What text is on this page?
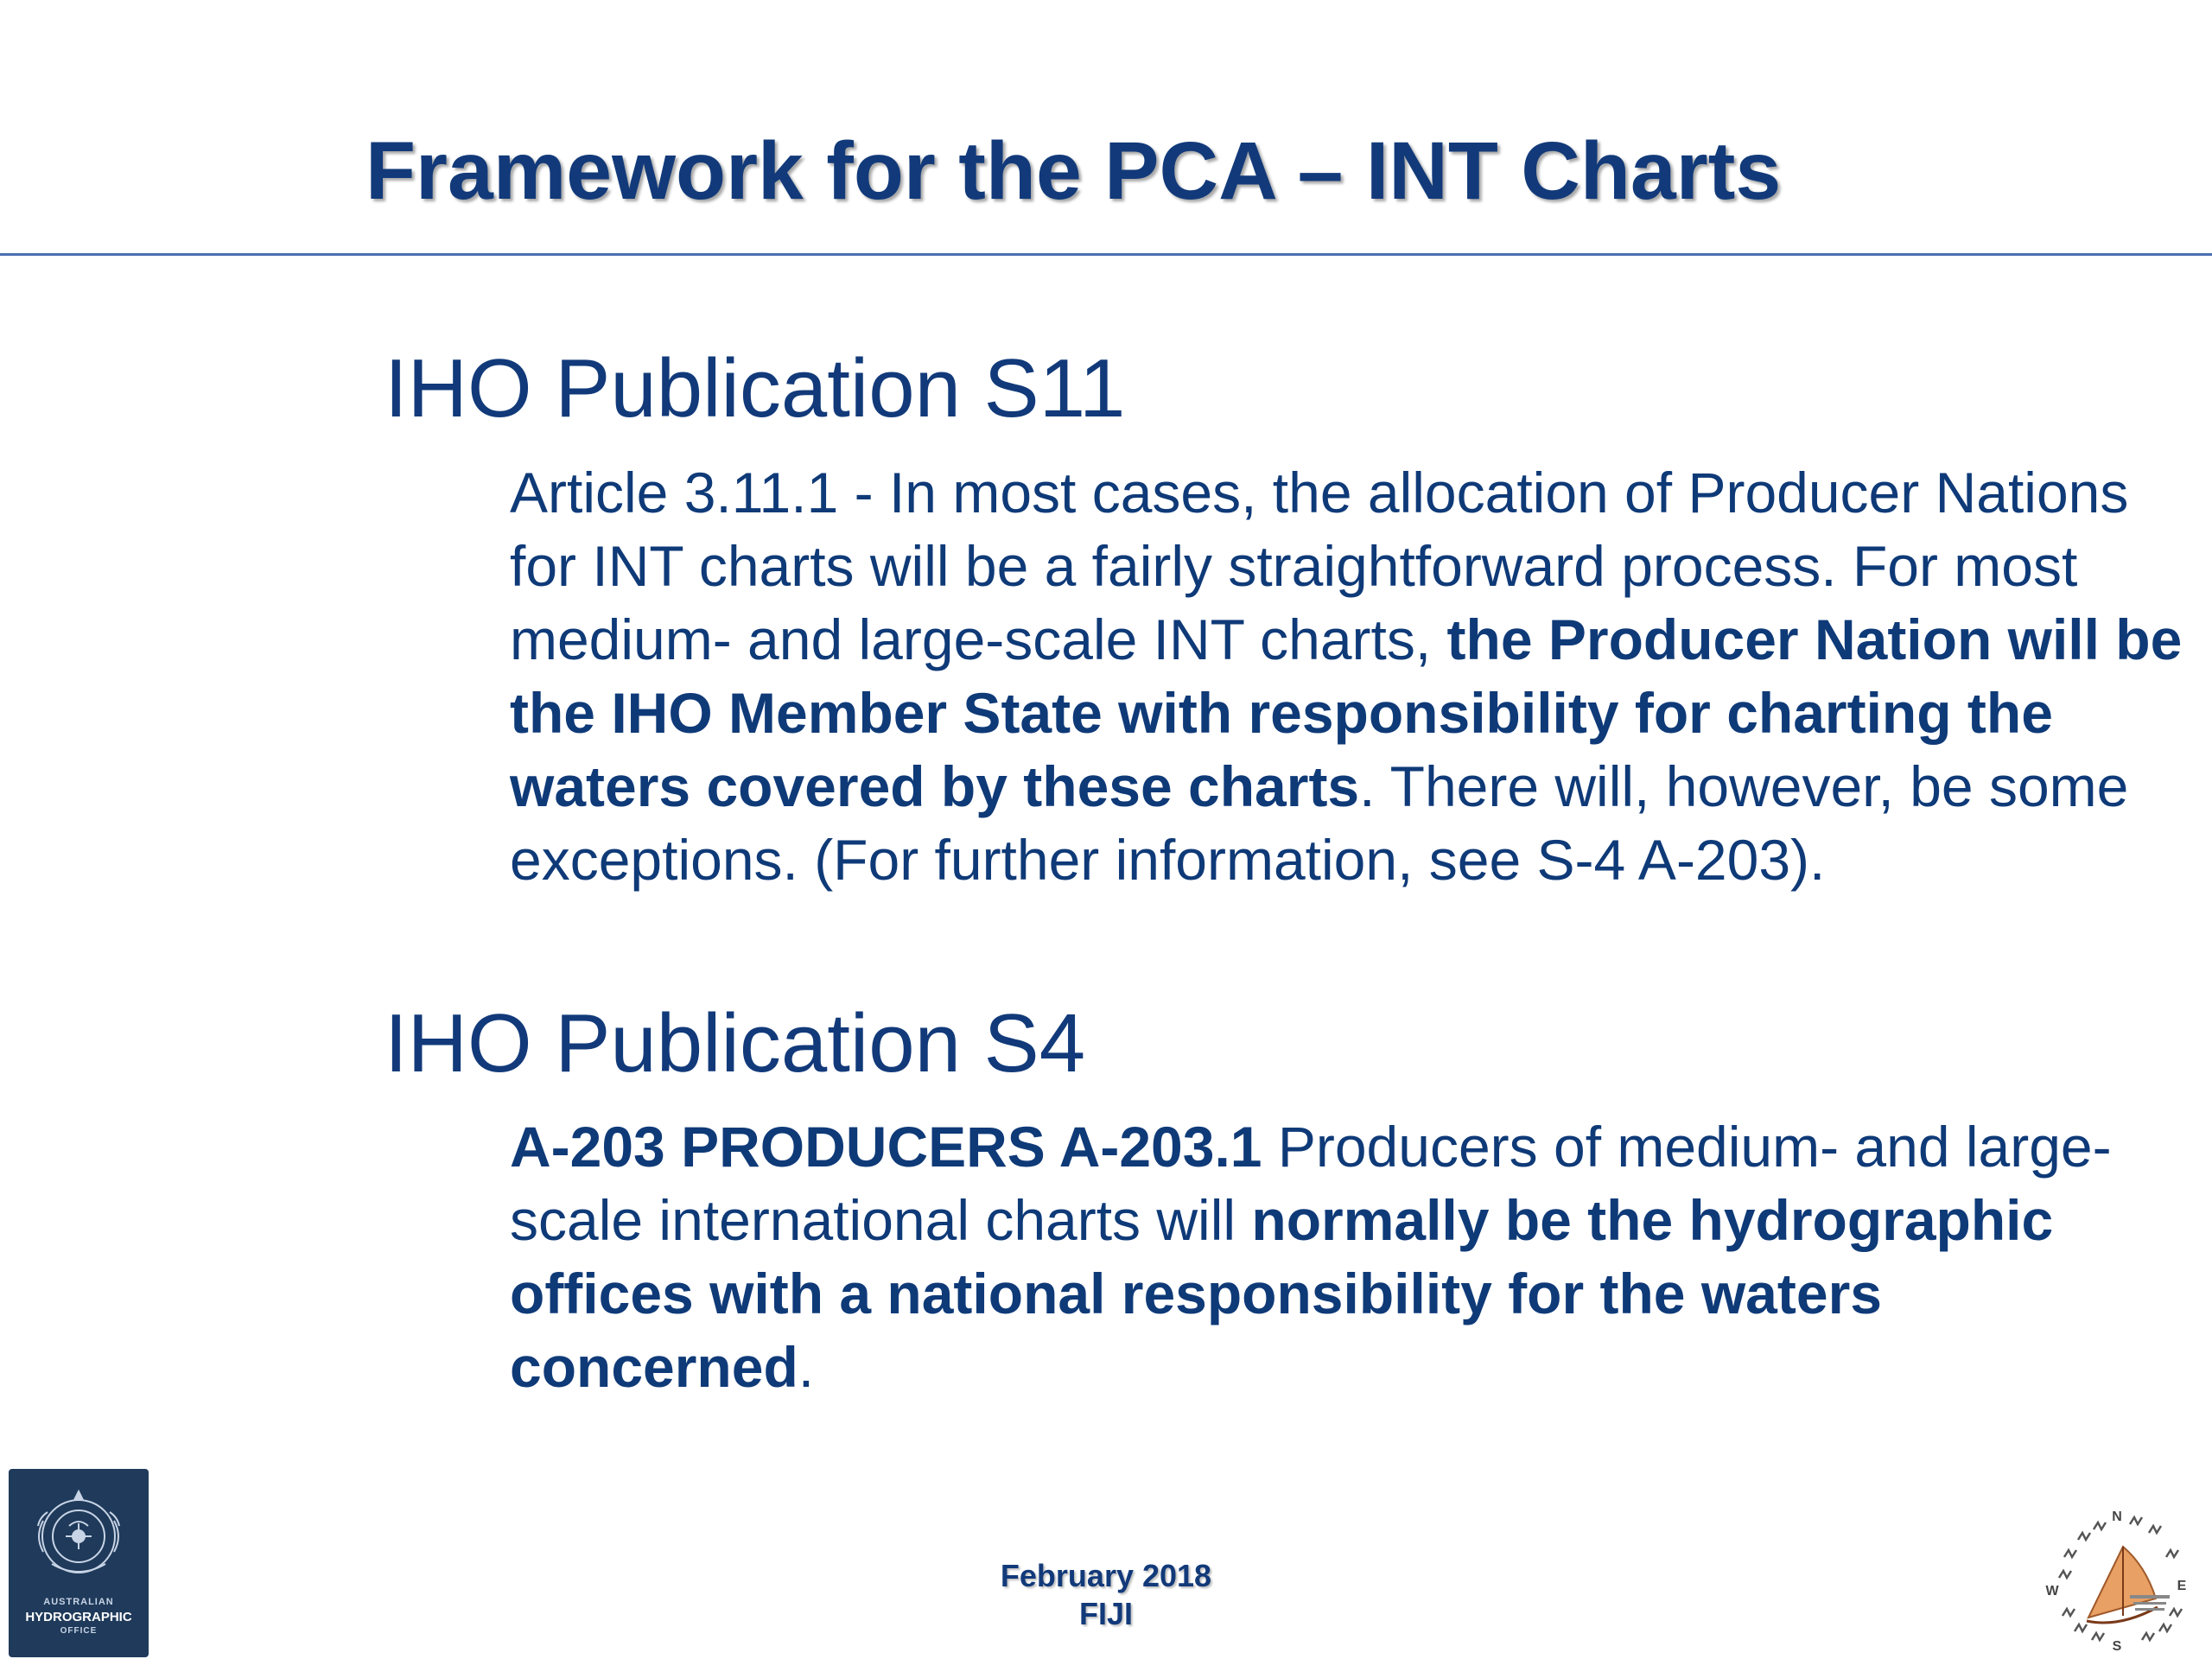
Framework for the PCA – INT Charts
IHO Publication S11

Article 3.11.1 - In most cases, the allocation of Producer Nations for INT charts will be a fairly straightforward process. For most medium- and large-scale INT charts, the Producer Nation will be the IHO Member State with responsibility for charting the waters covered by these charts. There will, however, be some exceptions. (For further information, see S-4 A-203).

IHO Publication S4

A-203 PRODUCERS A-203.1 Producers of medium- and large-scale international charts will normally be the hydrographic offices with a national responsibility for the waters concerned.

February 2018
FIJI
AUSTRALIAN
HYDROGRAPHIC
OFFICE
N
E
S
W
